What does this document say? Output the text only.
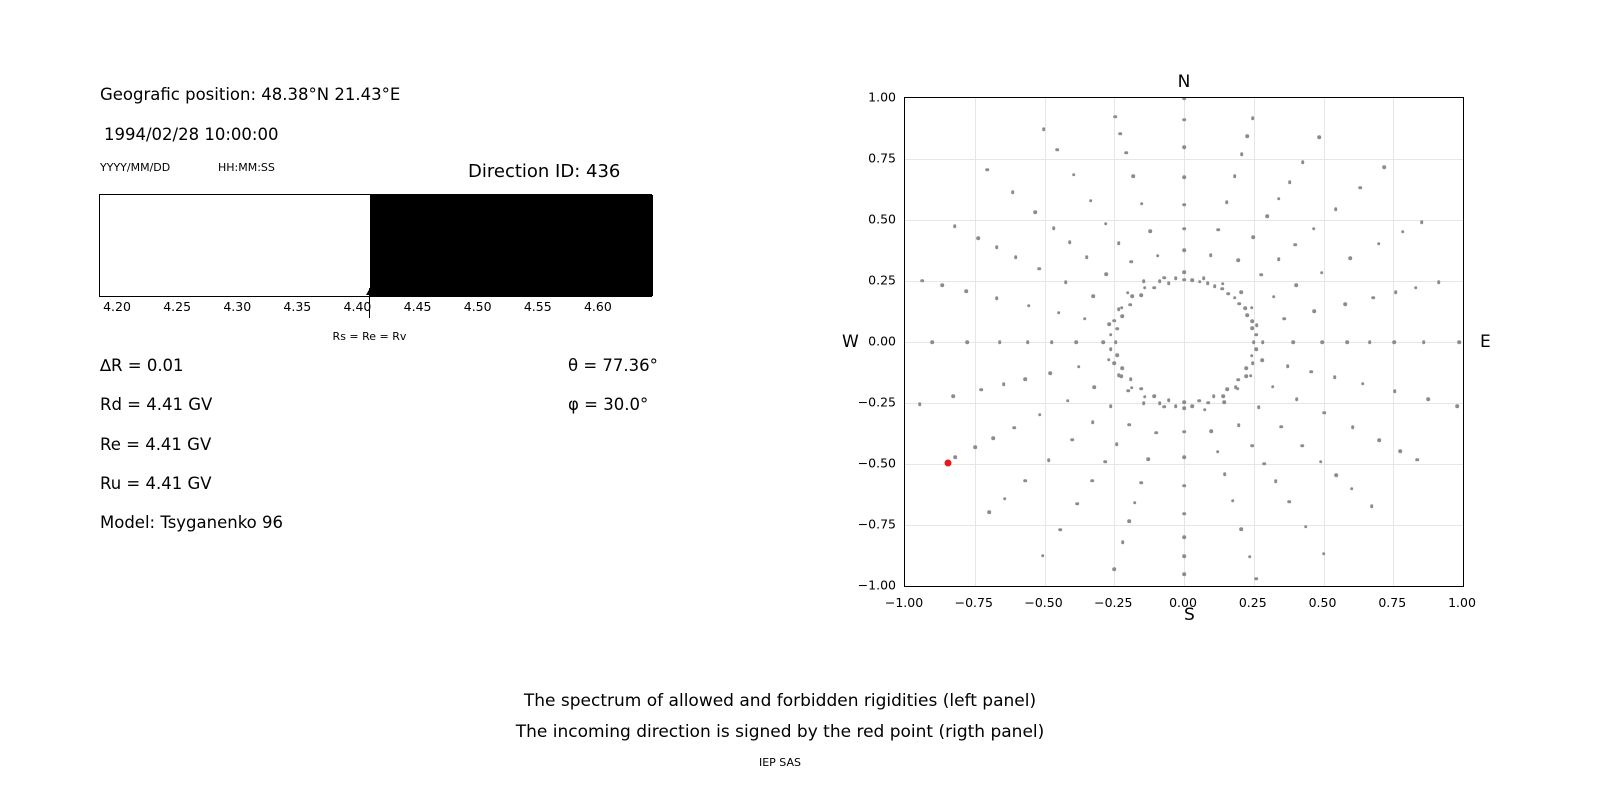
Geografic position: 48.38°N 21.43°E
1994/02/28 10:00:00
YYYY/MM/DD	HH:MM:SS	Direction ID: 436
Rs = Re = Rv
4.20	4.25	4.30	4.35	4.40	4.45	4.50	4.55	4.60
∆R = 0.01
Rd = 4.41 GV
Re = 4.41 GV
Ru = 4.41 GV
Model: Tsyganenko 96
θ = 77.36°
φ = 30.0°
N
S
W	E
−1.00	−0.75	−0.50	−0.25	0.00	0.25	0.50	0.75	1.00
−1.00
−0.75
−0.50
−0.25
0.00
0.25
0.50
0.75
1.00
The spectrum of allowed and forbidden rigidities (left panel)
The incoming direction is signed by the red point (rigth panel)
IEP SAS
